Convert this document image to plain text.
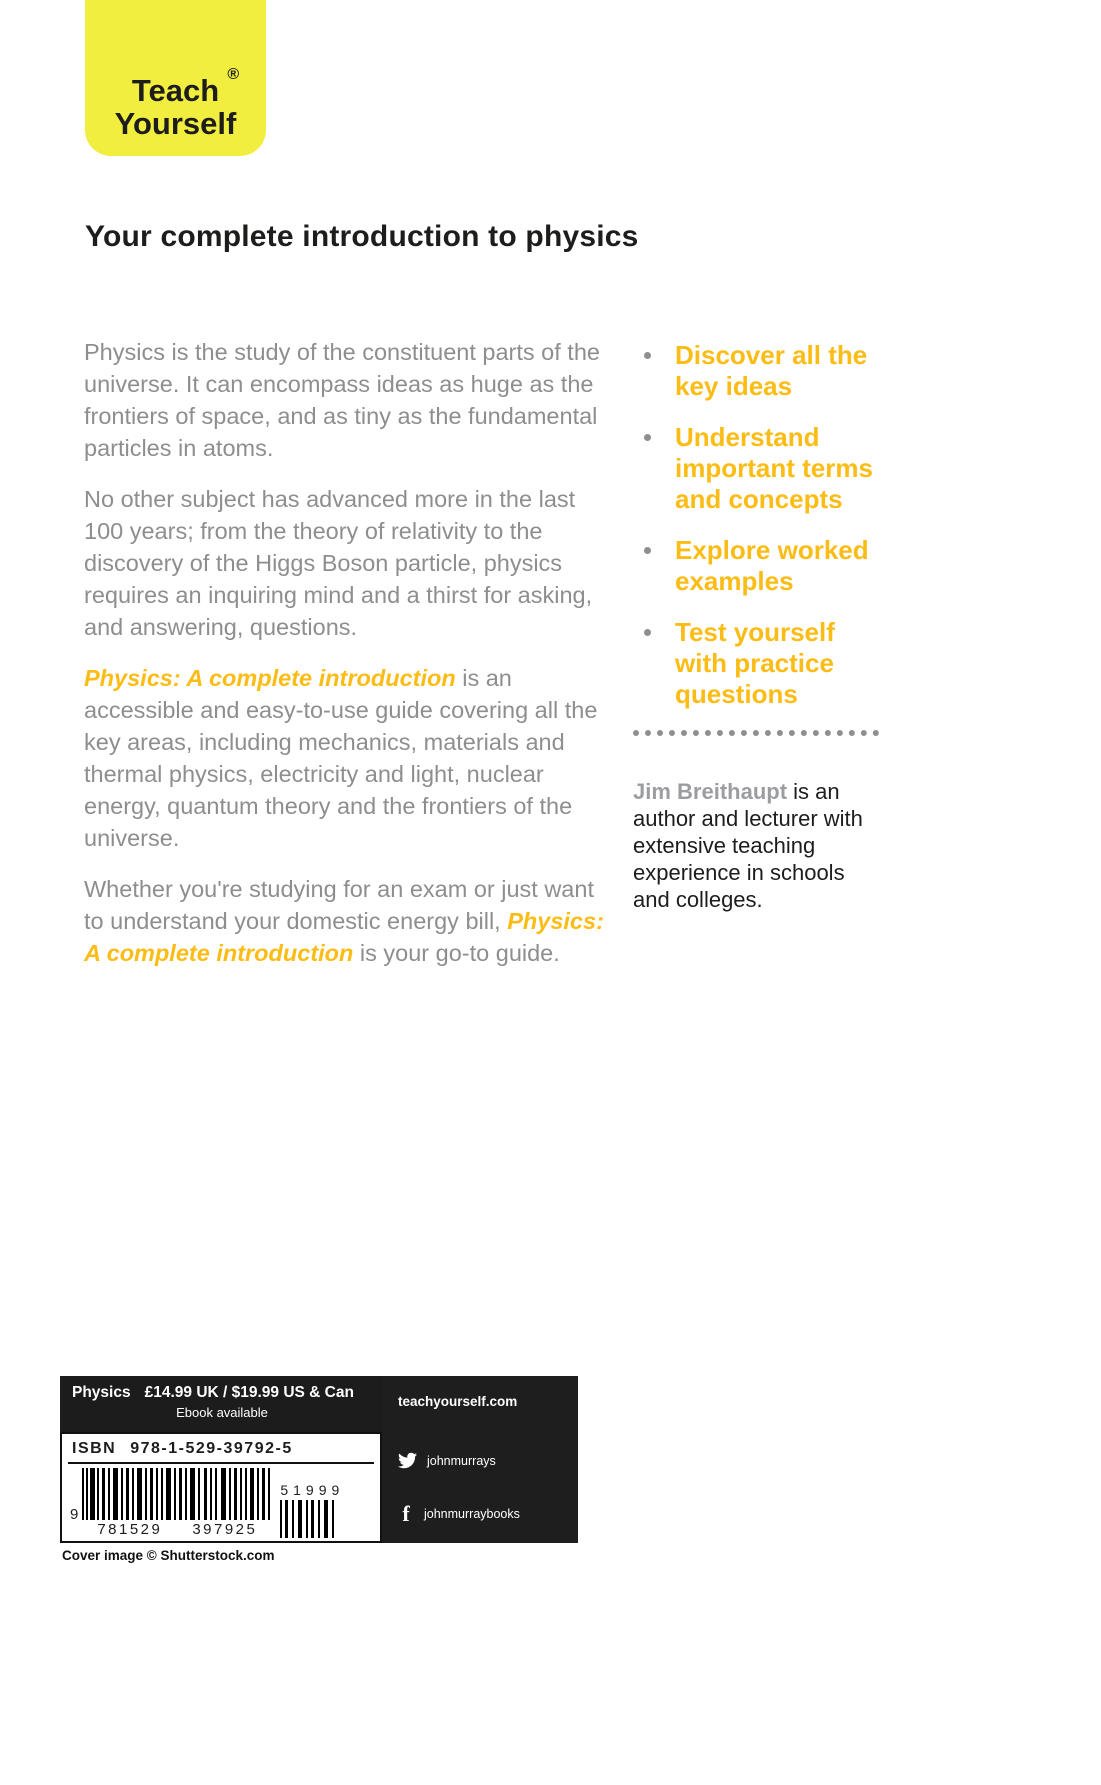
Teach ®

Yourself
Your complete introduction to physics

Physics is the study of the constituent parts of the universe. It can encompass ideas as huge as the frontiers of space, and as tiny as the fundamental particles in atoms.

No other subject has advanced more in the last 100 years; from the theory of relativity to the discovery of the Higgs Boson particle, physics requires an inquiring mind and a thirst for asking, and answering, questions.

Physics: A complete introduction is an accessible and easy-to-use guide covering all the key areas, including mechanics, materials and thermal physics, electricity and light, nuclear energy, quantum theory and the frontiers of the universe.

Whether you're studying for an exam or just want to understand your domestic energy bill, Physics: A complete introduction is your go-to guide.

Discover all the key ideas
Understand important terms and concepts
Explore worked examples
Test yourself with practice questions

Jim Breithaupt is an author and lecturer with extensive teaching experience in schools and colleges.

Physics £14.99 UK / $19.99 US & Can
Ebook available
ISBN 978-1-529-39792-5
9
781529 397925
51999
teachyourself.com
johnmurrays
f	johnmurraybooks
Cover image © Shutterstock.com
